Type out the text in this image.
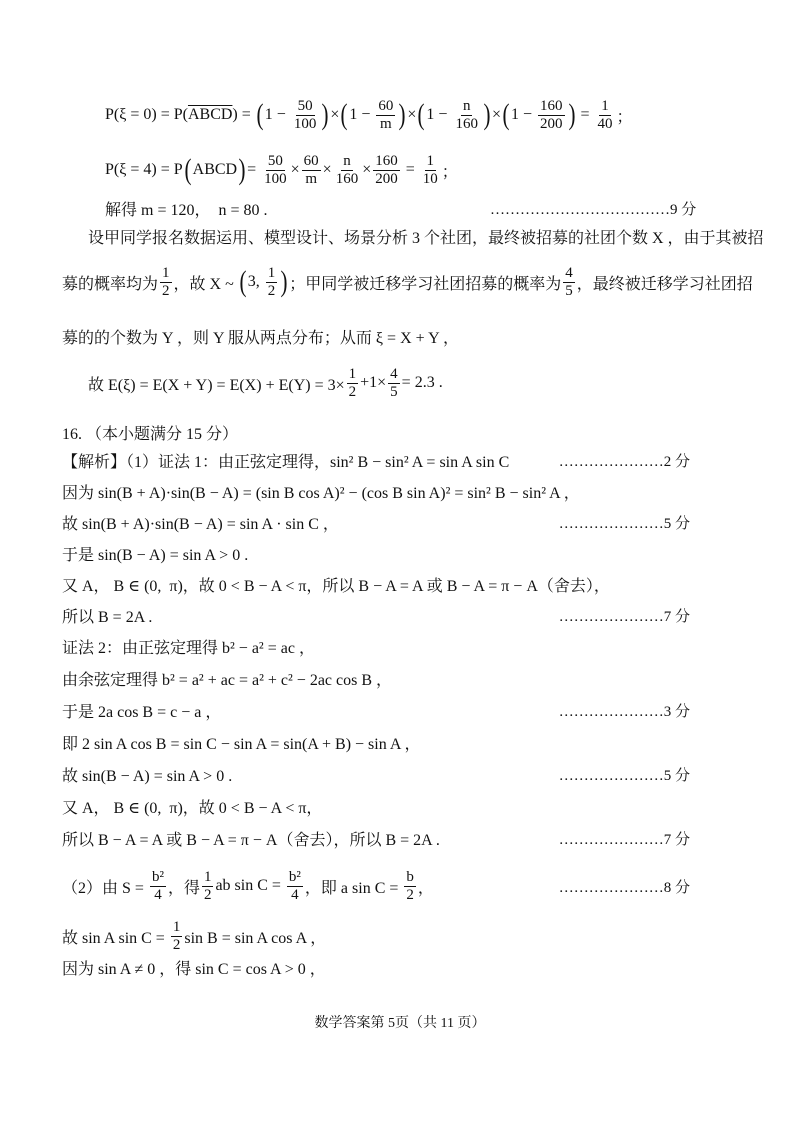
P(ξ = 0) = P( ABCD ) = ( $1 - \frac{50}{100}$ ) × ( $1 - \frac{60}{m}$ ) × ( $1 - \frac{n}{160}$ ) × ( $1 - \frac{160}{200}$ ) = $\frac{1}{40}$ ；
P(ξ = 4) = P ( ABCD ) = $\frac{50}{100} \times \frac{60}{m} \times \frac{n}{160} \times \frac{160}{200} = \frac{1}{10}$ ；
解得 m = 120，  n = 80 .
设甲同学报名数据运用、模型设计、场景分析 3 个社团，最终被招募的社团个数 X ，由于其被招
募的概率均为 $\frac{1}{2}$ ，故 X ~ ( 3, $\frac{1}{2}$ ) ；甲同学被迁移学习社团招募的概率为 $\frac{4}{5}$ ，最终被迁移学习社团招
募的的个数为 Y ，则 Y 服从两点分布；从而 ξ = X + Y ，
故 $E(\xi) = E(X + Y) = E(X) + E(Y) = 3\times \frac{1}{2} +1\times \frac{4}{5} = 2.3$ .
16. （本小题满分 15 分）
【解析】（1）证法 1：由正弦定理得，sin² B − sin² A = sin A sin C
因为 sin(B + A)·sin(B − A) = (sin B cos A)² − (cos B sin A)² = sin² B − sin² A ，
故 sin(B + A)·sin(B − A) = sin A · sin C ，
于是 sin(B − A) = sin A > 0 .
又 A， B ∈ (0,  π)，故 0 < B − A < π，所以 B − A = A 或 B − A = π − A（舍去），
所以 B = 2A .
证法 2：由正弦定理得 b² − a² = ac ，
由余弦定理得 b² = a² + ac = a² + c² − 2ac cos B ，
于是 2a cos B = c − a ，
即 2 sin A cos B = sin C − sin A = sin(A + B) − sin A ，
故 sin(B − A) = sin A > 0 .
又 A， B ∈ (0,  π)，故 0 < B − A < π，
所以 B − A = A 或 B − A = π − A（舍去），所以 B = 2A .
（2）由 $S = \frac{\text{b²}}{4}$ ，得 $\frac{1}{2}$ ab $\sin C = \frac{\text{b²}}{4}$ ，即 a $\sin C = \frac{b}{2}$ ，
故 sin A $\sin C = \frac{1}{2}$ sin B = sin A cos A ，
因为 sin A ≠ 0 ，得 sin C = cos A > 0 ，
………………………………9 分
…………………2 分
…………………5 分
…………………7 分
…………………3 分
…………………5 分
…………………7 分
…………………8 分
数学答案第 5页（共 11 页）
